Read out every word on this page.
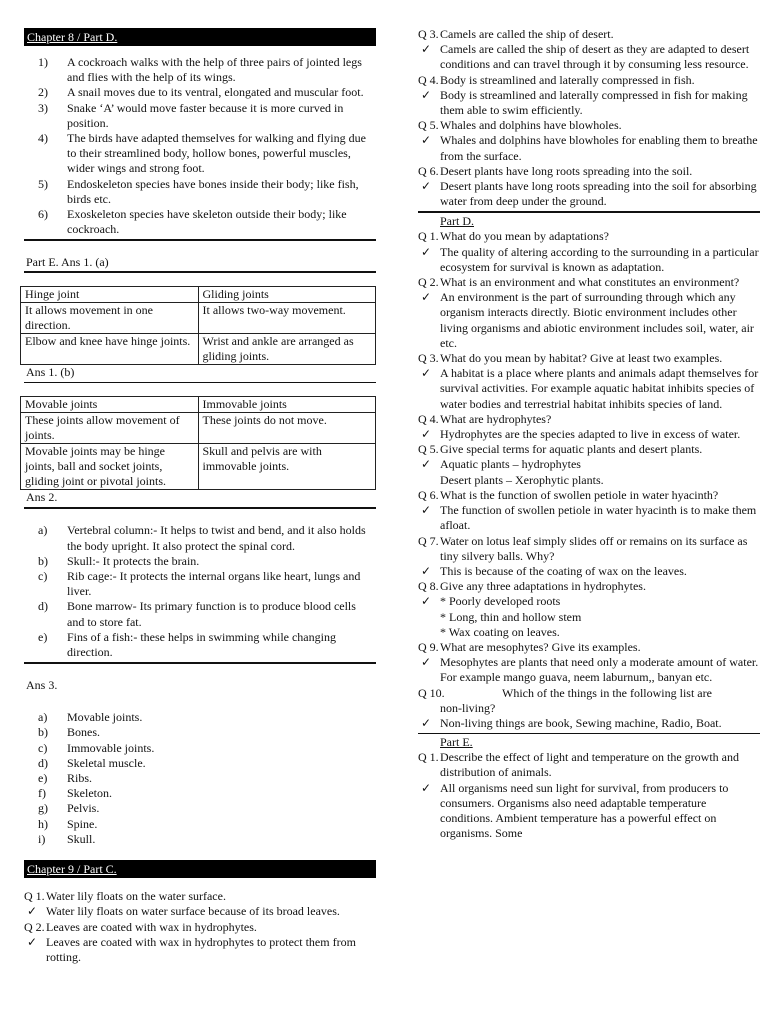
Chapter 8 / Part D.
1) A cockroach walks with the help of three pairs of jointed legs and flies with the help of its wings.
2) A snail moves due to its ventral, elongated and muscular foot.
3) Snake ‘A’ would move faster because it is more curved in position.
4) The birds have adapted themselves for walking and flying due to their streamlined body, hollow bones, powerful muscles, wider wings and strong foot.
5) Endoskeleton species have bones inside their body; like fish, birds etc.
6) Exoskeleton species have skeleton outside their body; like cockroach.
Part E. Ans 1. (a)
Hinge joint	Gliding joints
It allows movement in one direction.	It allows two-way movement.
Elbow and knee have hinge joints.	Wrist and ankle are arranged as gliding joints.
Ans 1. (b)
Movable joints	Immovable joints
These joints allow movement of joints.	These joints do not move.
Movable joints may be hinge joints, ball and socket joints, gliding joint or pivotal joints.	Skull and pelvis are with immovable joints.
Ans 2.
a) Vertebral column:- It helps to twist and bend, and it also holds the body upright. It also protect the spinal cord.
b) Skull:- It protects the brain.
c) Rib cage:- It protects the internal organs like heart, lungs and liver.
d) Bone marrow- Its primary function is to produce blood cells and to store fat.
e) Fins of a fish:- these helps in swimming while changing direction.
Ans 3.
a) Movable joints.
b) Bones.
c) Immovable joints.
d) Skeletal muscle.
e) Ribs.
f) Skeleton.
g) Pelvis.
h) Spine.
i) Skull.
Chapter 9 / Part C.
Q 1. Water lily floats on the water surface.
✓ Water lily floats on water surface because of its broad leaves.
Q 2. Leaves are coated with wax in hydrophytes.
✓ Leaves are coated with wax in hydrophytes to protect them from rotting.
Q 3. Camels are called the ship of desert.
✓ Camels are called the ship of desert as they are adapted to desert conditions and can travel through it by consuming less resource.
Q 4. Body is streamlined and laterally compressed in fish.
✓ Body is streamlined and laterally compressed in fish for making them able to swim efficiently.
Q 5. Whales and dolphins have blowholes.
✓ Whales and dolphins have blowholes for enabling them to breathe from the surface.
Q 6. Desert plants have long roots spreading into the soil.
✓ Desert plants have long roots spreading into the soil for absorbing water from deep under the ground.
Part D.
Q 1. What do you mean by adaptations?
✓ The quality of altering according to the surrounding in a particular ecosystem for survival is known as adaptation.
Q 2. What is an environment and what constitutes an environment?
✓ An environment is the part of surrounding through which any organism interacts directly. Biotic environment includes other living organisms and abiotic environment includes soil, water, air etc.
Q 3. What do you mean by habitat? Give at least two examples.
✓ A habitat is a place where plants and animals adapt themselves for survival activities. For example aquatic habitat inhibits species of water bodies and terrestrial habitat inhibits species of land.
Q 4. What are hydrophytes?
✓ Hydrophytes are the species adapted to live in excess of water.
Q 5. Give special terms for aquatic plants and desert plants.
✓ Aquatic plants – hydrophytes
Desert plants – Xerophytic plants.
Q 6. What is the function of swollen petiole in water hyacinth?
✓ The function of swollen petiole in water hyacinth is to make them afloat.
Q 7. Water on lotus leaf simply slides off or remains on its surface as tiny silvery balls. Why?
✓ This is because of the coating of wax on the leaves.
Q 8. Give any three adaptations in hydrophytes.
✓ * Poorly developed roots
* Long, thin and hollow stem
* Wax coating on leaves.
Q 9. What are mesophytes? Give its examples.
✓ Mesophytes are plants that need only a moderate amount of water. For example mango guava, neem laburnum,, banyan etc.
Q 10.	Which of the things in the following list are
non-living?
✓ Non-living things are book, Sewing machine, Radio, Boat.
Part E.
Q 1. Describe the effect of light and temperature on the growth and distribution of animals.
✓ All organisms need sun light for survival, from producers to consumers. Organisms also need adaptable temperature conditions. Ambient temperature has a powerful effect on organisms. Some
